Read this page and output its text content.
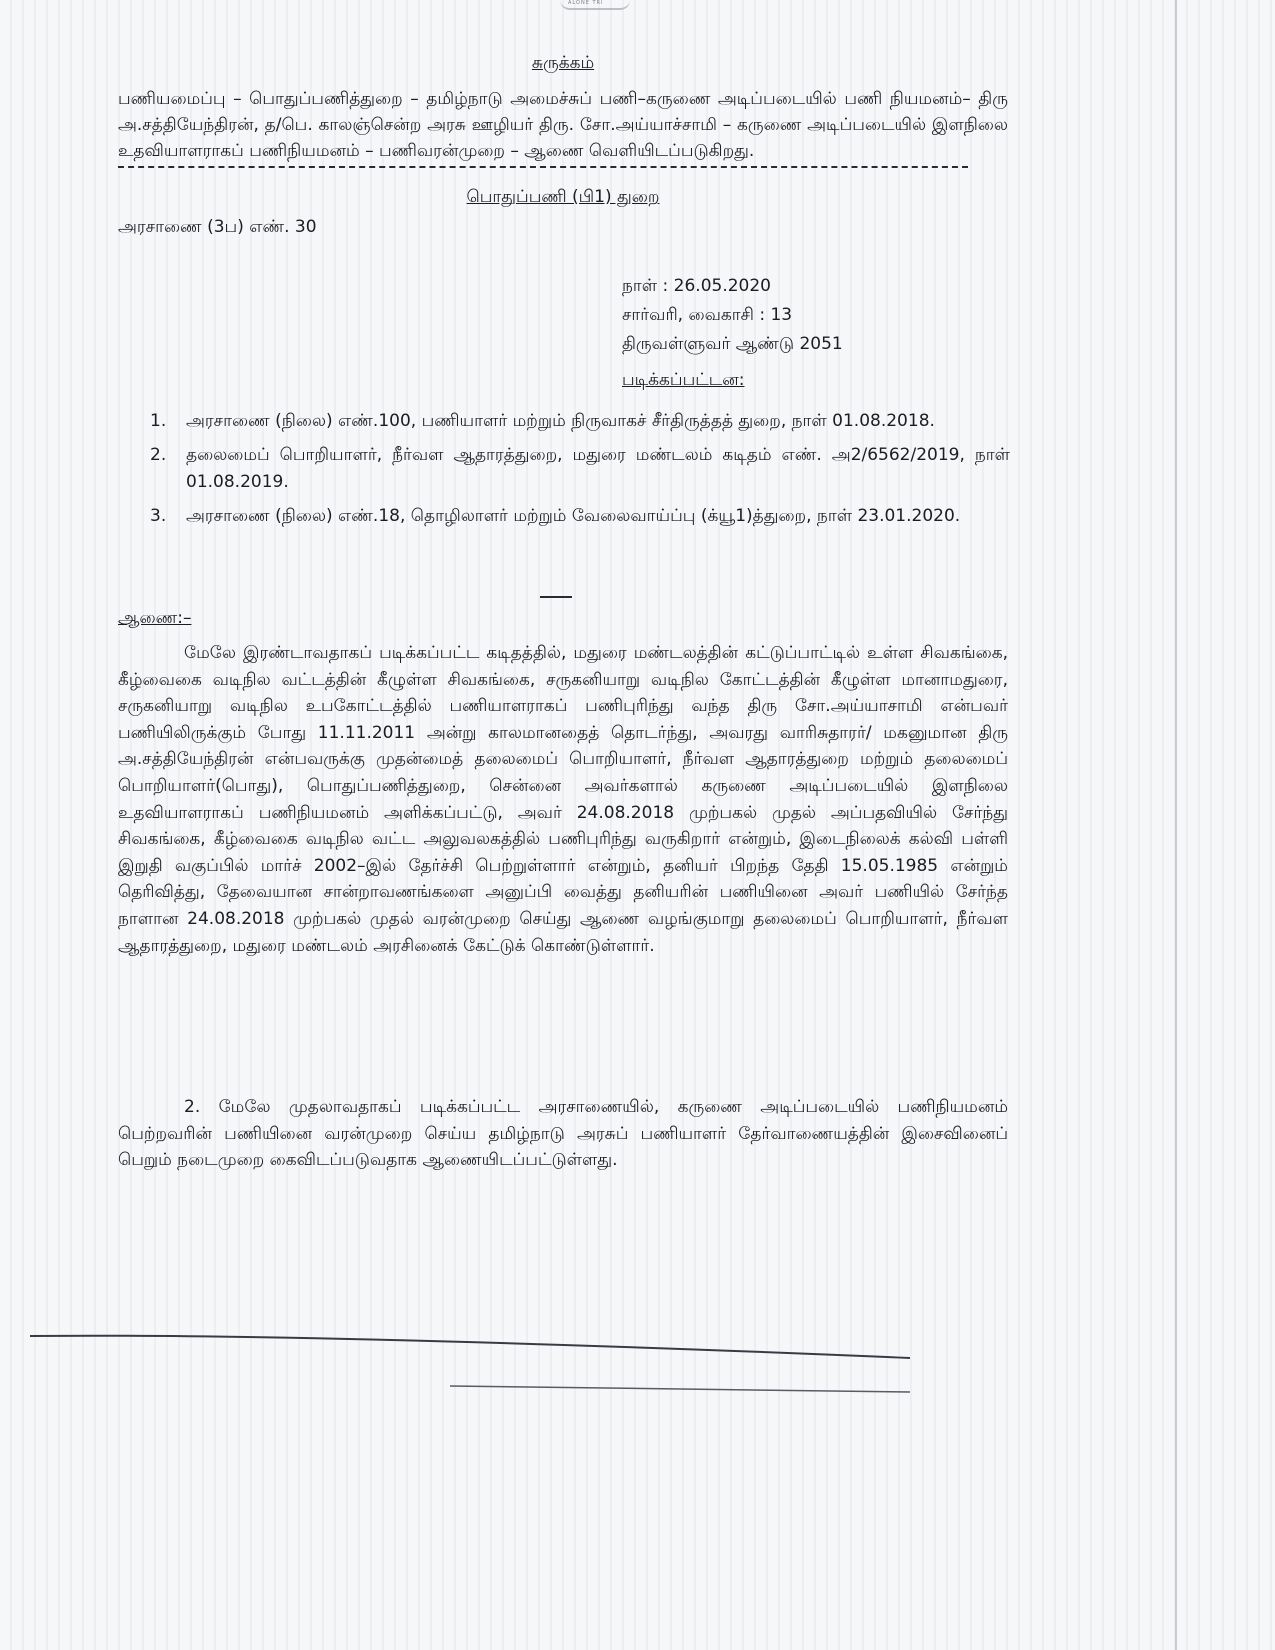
ALONE TRI
சுருக்கம்
பணியமைப்பு – பொதுப்பணித்துறை – தமிழ்நாடு அமைச்சுப் பணி–கருணை அடிப்படையில் பணி நியமனம்– திரு அ.சத்தியேந்திரன், த/பெ. காலஞ்சென்ற அரசு ஊழியர் திரு. சோ.அய்யாச்சாமி – கருணை அடிப்படையில் இளநிலை உதவியாளராகப் பணிநியமனம் – பணிவரன்முறை – ஆணை வெளியிடப்படுகிறது.
பொதுப்பணி (பி1) துறை
அரசாணை (3ப) எண். 30
நாள் : 26.05.2020
சார்வரி, வைகாசி : 13
திருவள்ளுவர் ஆண்டு 2051
படிக்கப்பட்டன:
1. அரசாணை (நிலை) எண்.100, பணியாளர் மற்றும் நிருவாகச் சீர்திருத்தத் துறை, நாள் 01.08.2018.
2. தலைமைப் பொறியாளர், நீர்வள ஆதாரத்துறை, மதுரை மண்டலம் கடிதம் எண். அ2/6562/2019, நாள் 01.08.2019.
3. அரசாணை (நிலை) எண்.18, தொழிலாளர் மற்றும் வேலைவாய்ப்பு (க்யூ1)த்துறை, நாள் 23.01.2020.
ஆணை:–

மேலே இரண்டாவதாகப் படிக்கப்பட்ட கடிதத்தில், மதுரை மண்டலத்தின் கட்டுப்பாட்டில் உள்ள சிவகங்கை, கீழ்வைகை வடிநில வட்டத்தின் கீழுள்ள சிவகங்கை, சருகனியாறு வடிநில கோட்டத்தின் கீழுள்ள மானாமதுரை, சருகனியாறு வடிநில உபகோட்டத்தில் பணியாளராகப் பணிபுரிந்து வந்த திரு சோ.அய்யாசாமி என்பவர் பணியிலிருக்கும் போது 11.11.2011 அன்று காலமானதைத் தொடர்ந்து, அவரது வாரிசுதாரர்/ மகனுமான திரு அ.சத்தியேந்திரன் என்பவருக்கு முதன்மைத் தலைமைப் பொறியாளர், நீர்வள ஆதாரத்துறை மற்றும் தலைமைப் பொறியாளர்(பொது), பொதுப்பணித்துறை, சென்னை அவர்களால் கருணை அடிப்படையில் இளநிலை உதவியாளராகப் பணிநியமனம் அளிக்கப்பட்டு, அவர் 24.08.2018 முற்பகல் முதல் அப்பதவியில் சேர்ந்து சிவகங்கை, கீழ்வைகை வடிநில வட்ட அலுவலகத்தில் பணிபுரிந்து வருகிறார் என்றும், இடைநிலைக் கல்வி பள்ளி இறுதி வகுப்பில் மார்ச் 2002–இல் தேர்ச்சி பெற்றுள்ளார் என்றும், தனியர் பிறந்த தேதி 15.05.1985 என்றும் தெரிவித்து, தேவையான சான்றாவணங்களை அனுப்பி வைத்து தனியரின் பணியினை அவர் பணியில் சேர்ந்த நாளான 24.08.2018 முற்பகல் முதல் வரன்முறை செய்து ஆணை வழங்குமாறு தலைமைப் பொறியாளர், நீர்வள ஆதாரத்துறை, மதுரை மண்டலம் அரசினைக் கேட்டுக் கொண்டுள்ளார்.

2. மேலே முதலாவதாகப் படிக்கப்பட்ட அரசாணையில், கருணை அடிப்படையில் பணிநியமனம் பெற்றவரின் பணியினை வரன்முறை செய்ய தமிழ்நாடு அரசுப் பணியாளர் தேர்வாணையத்தின் இசைவினைப் பெறும் நடைமுறை கைவிடப்படுவதாக ஆணையிடப்பட்டுள்ளது.
